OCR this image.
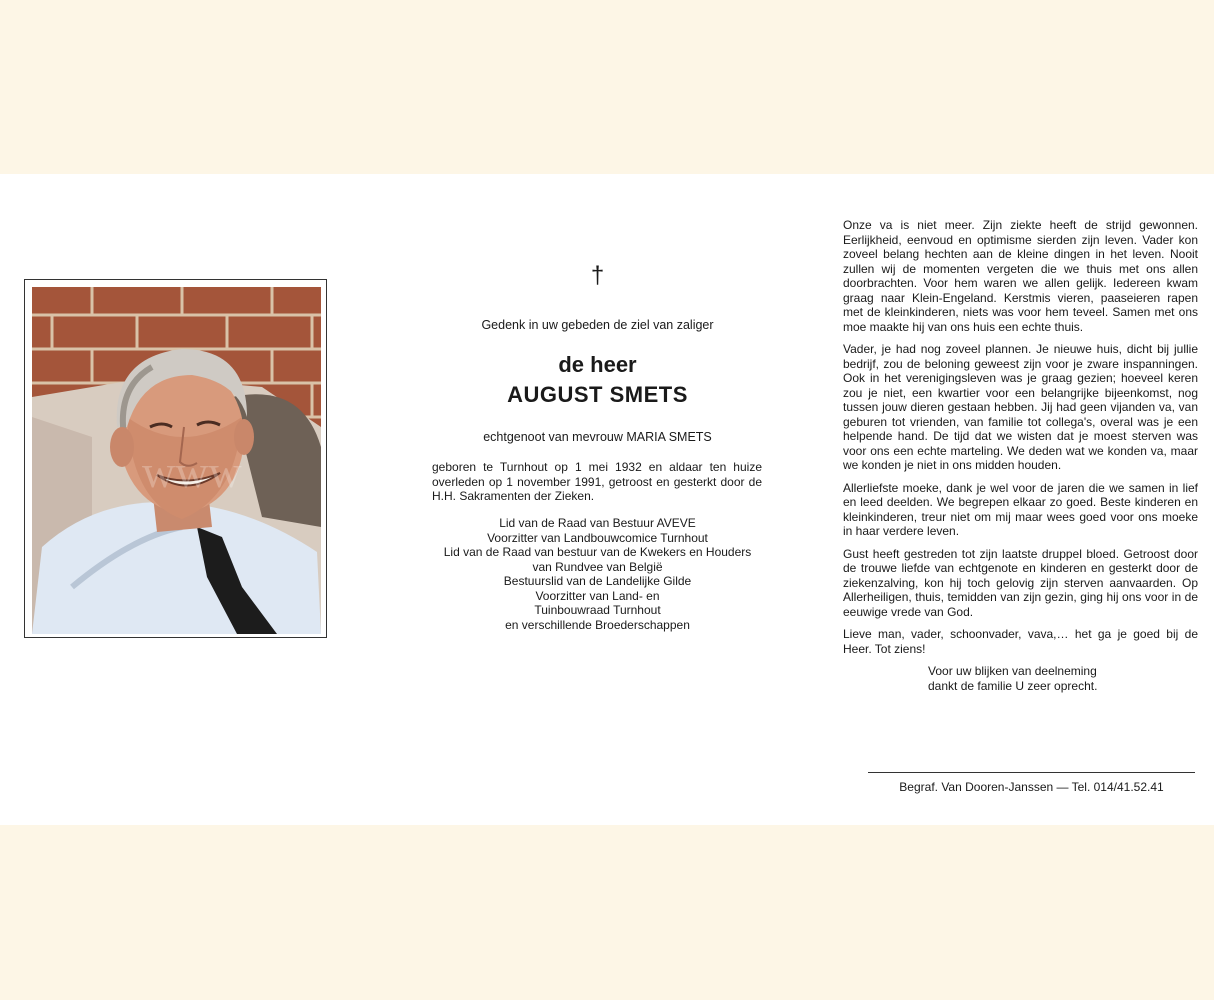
www
†
Gedenk in uw gebeden de ziel van zaliger
de heer
AUGUST SMETS
echtgenoot van mevrouw MARIA SMETS
geboren te Turnhout op 1 mei 1932 en aldaar ten huize overleden op 1 november 1991, getroost en gesterkt door de H.H. Sakramenten der Zieken.
Lid van de Raad van Bestuur AVEVE
Voorzitter van Landbouwcomice Turnhout
Lid van de Raad van bestuur van de Kwekers en Houders
van Rundvee van België
Bestuurslid van de Landelijke Gilde
Voorzitter van Land- en
Tuinbouwraad Turnhout
en verschillende Broederschappen

Onze va is niet meer. Zijn ziekte heeft de strijd gewonnen. Eerlijkheid, eenvoud en optimisme sierden zijn leven. Vader kon zoveel belang hechten aan de kleine dingen in het leven. Nooit zullen wij de momenten vergeten die we thuis met ons allen doorbrachten. Voor hem waren we allen gelijk. Iedereen kwam graag naar Klein-Engeland. Kerstmis vieren, paaseieren rapen met de kleinkinderen, niets was voor hem teveel. Samen met ons moe maakte hij van ons huis een echte thuis.

Vader, je had nog zoveel plannen. Je nieuwe huis, dicht bij jullie bedrijf, zou de beloning geweest zijn voor je zware inspanningen. Ook in het verenigingsleven was je graag gezien; hoeveel keren zou je niet, een kwartier voor een belangrijke bijeenkomst, nog tussen jouw dieren gestaan hebben. Jij had geen vijanden va, van geburen tot vrienden, van familie tot collega's, overal was je een helpende hand. De tijd dat we wisten dat je moest sterven was voor ons een echte marteling. We deden wat we konden va, maar we konden je niet in ons midden houden.

Allerliefste moeke, dank je wel voor de jaren die we samen in lief en leed deelden. We begrepen elkaar zo goed. Beste kinderen en kleinkinderen, treur niet om mij maar wees goed voor ons moeke in haar verdere leven.

Gust heeft gestreden tot zijn laatste druppel bloed. Getroost door de trouwe liefde van echtgenote en kinderen en gesterkt door de ziekenzalving, kon hij toch gelovig zijn sterven aanvaarden. Op Allerheiligen, thuis, temidden van zijn gezin, ging hij ons voor in de eeuwige vrede van God.

Lieve man, vader, schoonvader, vava,… het ga je goed bij de Heer. Tot ziens!

Voor uw blijken van deelneming
dankt de familie U zeer oprecht.
Begraf. Van Dooren-Janssen — Tel. 014/41.52.41
